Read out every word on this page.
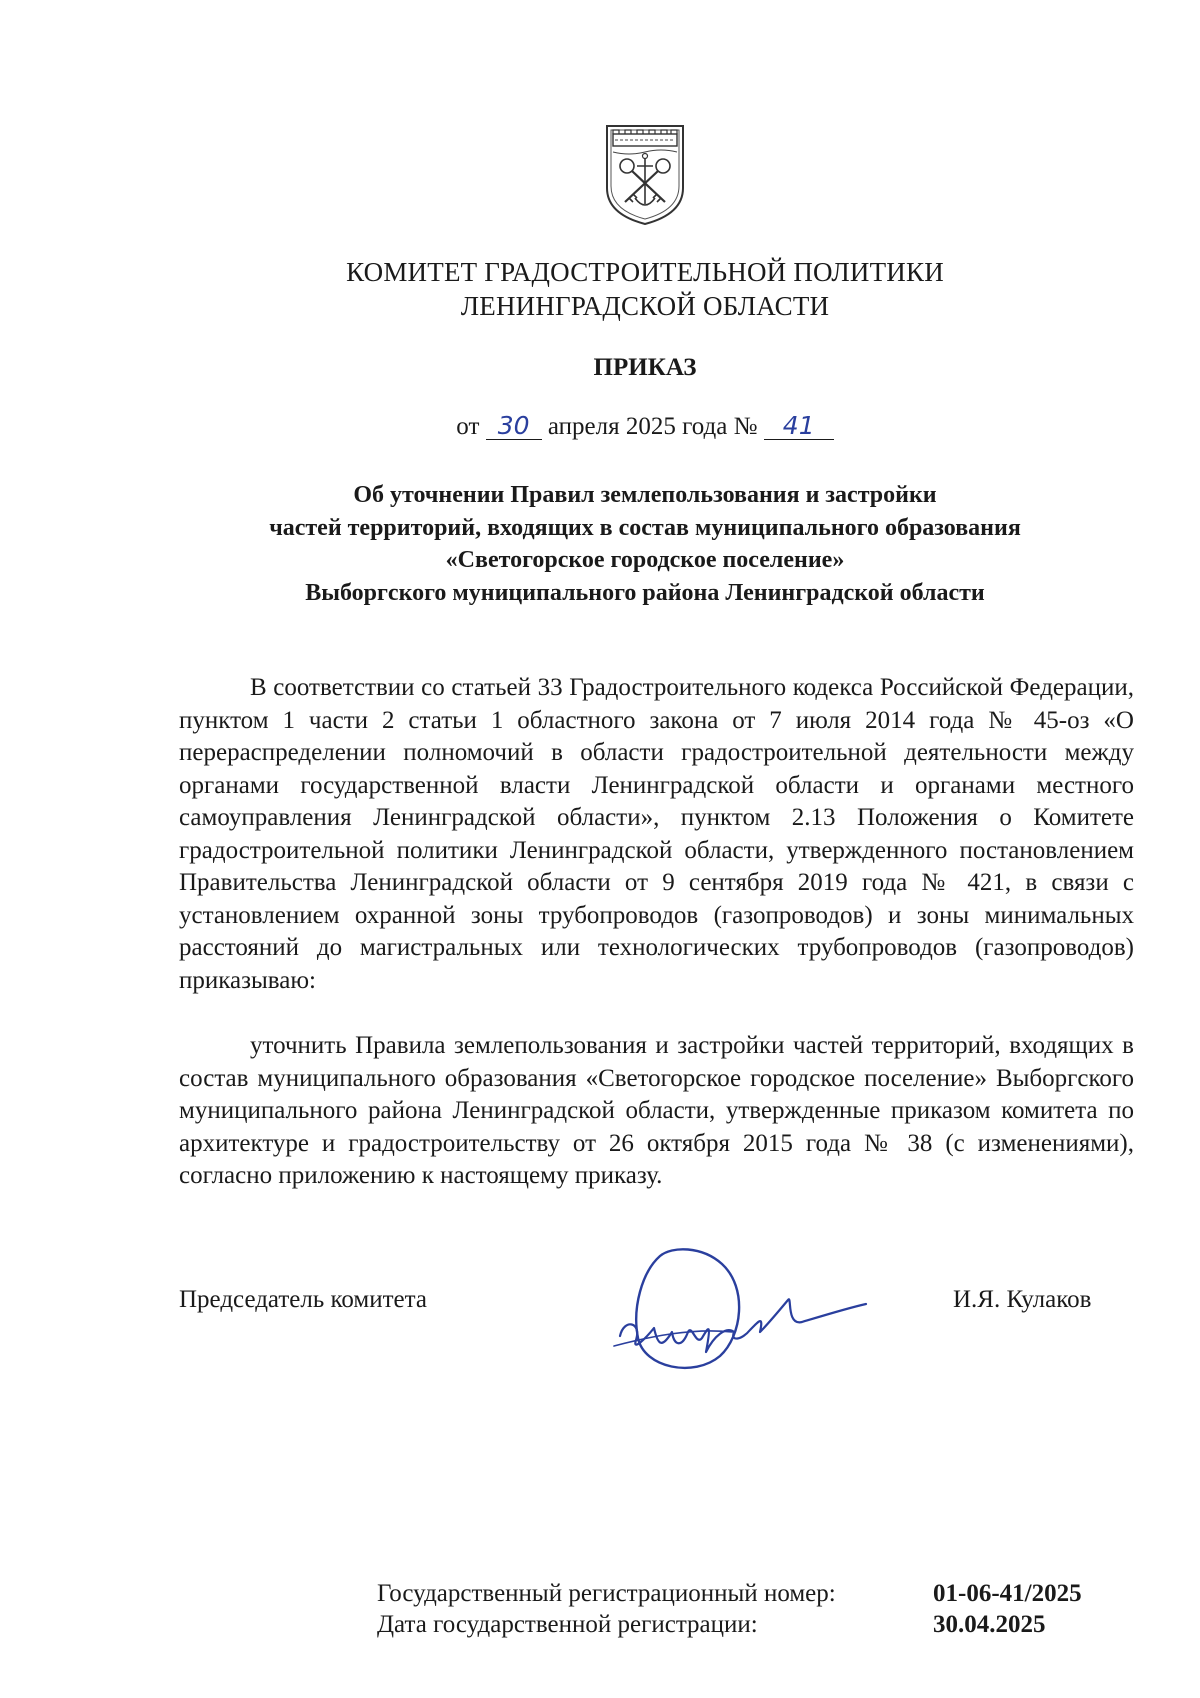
КОМИТЕТ ГРАДОСТРОИТЕЛЬНОЙ ПОЛИТИКИ
ЛЕНИНГРАДСКОЙ ОБЛАСТИ
ПРИКАЗ
от 30 апреля 2025 года № 41
Об уточнении Правил землепользования и застройки
частей территорий, входящих в состав муниципального образования
«Светогорское городское поселение»
Выборгского муниципального района Ленинградской области
В соответствии со статьей 33 Градостроительного кодекса Российской Федерации, пунктом 1 части 2 статьи 1 областного закона от 7 июля 2014 года № 45-оз «О перераспределении полномочий в области градостроительной деятельности между органами государственной власти Ленинградской области и органами местного самоуправления Ленинградской области», пунктом 2.13 Положения о Комитете градостроительной политики Ленинградской области, утвержденного постановлением Правительства Ленинградской области от 9 сентября 2019 года № 421, в связи с установлением охранной зоны трубопроводов (газопроводов) и зоны минимальных расстояний до магистральных или технологических трубопроводов (газопроводов) приказываю:
уточнить Правила землепользования и застройки частей территорий, входящих в состав муниципального образования «Светогорское городское поселение» Выборгского муниципального района Ленинградской области, утвержденные приказом комитета по архитектуре и градостроительству от 26 октября 2015 года № 38 (с изменениями), согласно приложению к настоящему приказу.
Председатель комитета	И.Я. Кулаков
Государственный регистрационный номер:	01-06-41/2025
Дата государственной регистрации:	30.04.2025
